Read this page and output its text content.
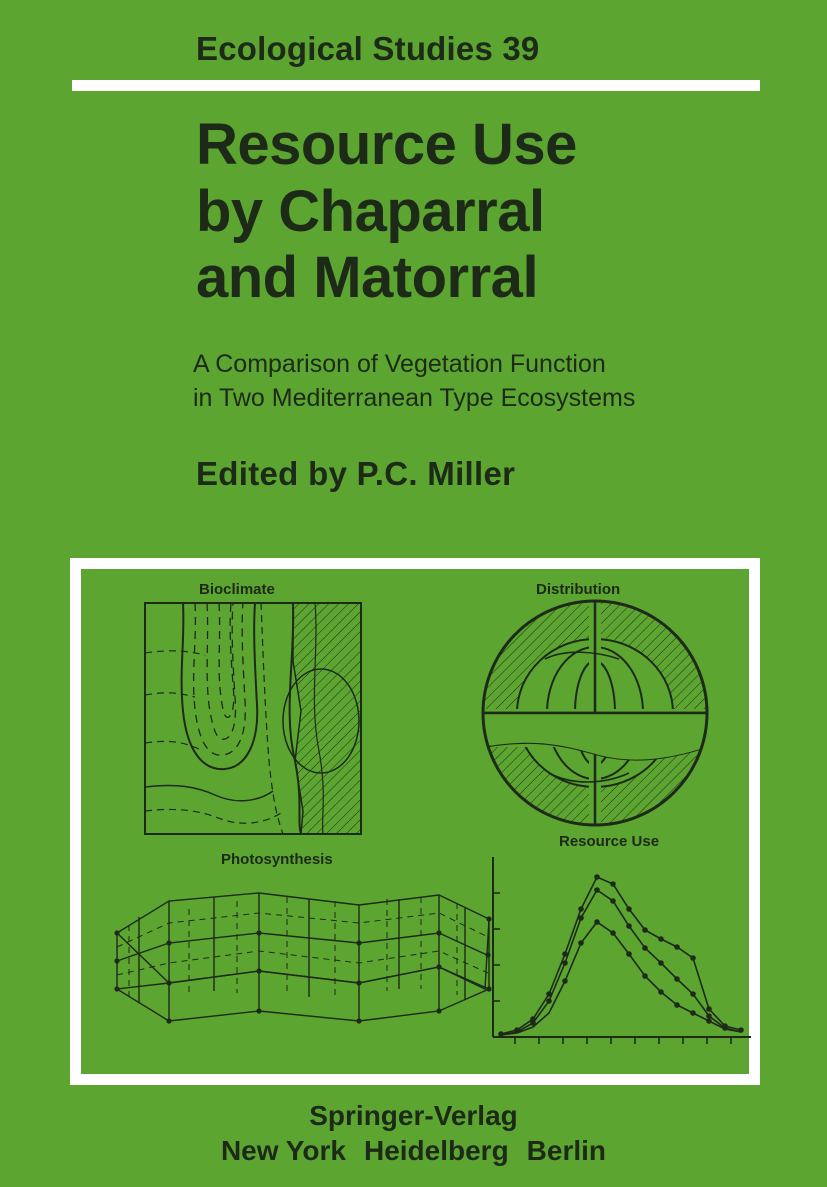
Ecological Studies 39
Resource Use
by Chaparral
and Matorral
A Comparison of Vegetation Function
in Two Mediterranean Type Ecosystems
Edited by P.C. Miller
Bioclimate	Distribution
Photosynthesis
Resource Use
Springer-Verlag
New York Heidelberg Berlin
